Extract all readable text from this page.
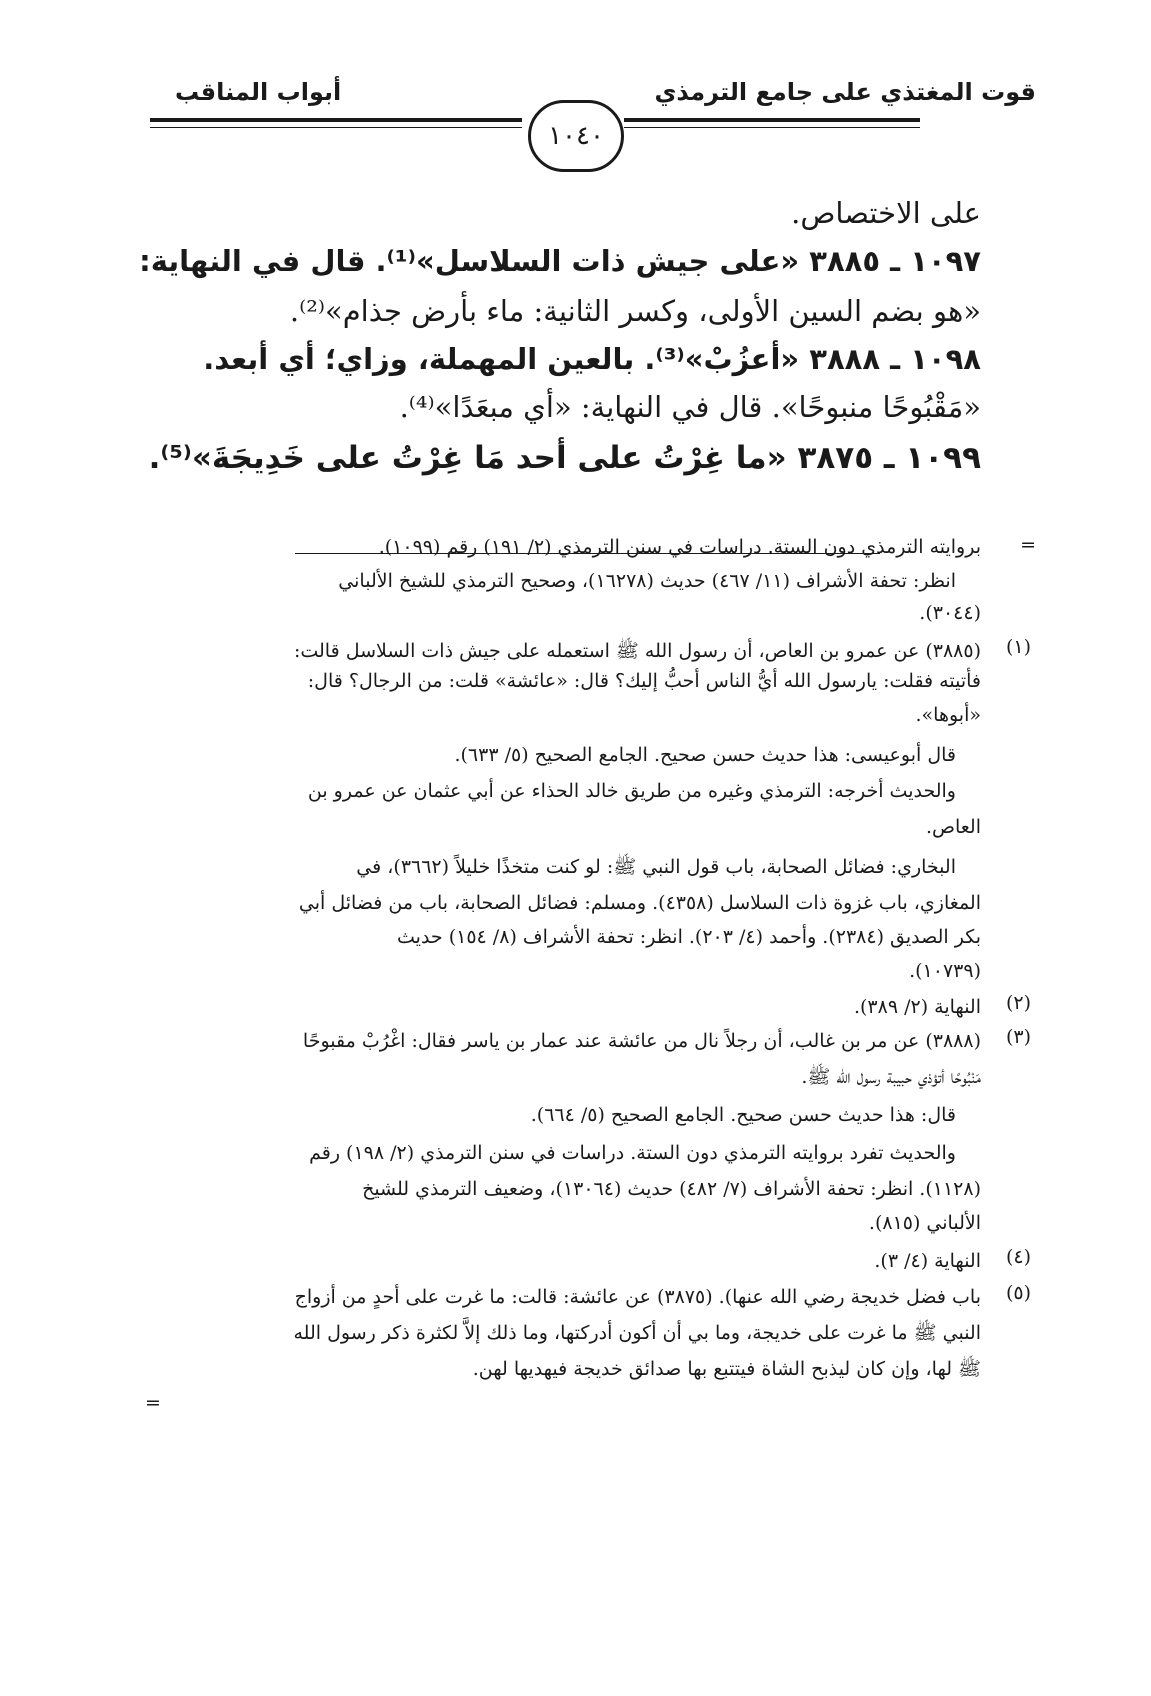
قوت المغتذي على جامع الترمذي
أبواب المناقب
١٠٤٠
على الاختصاص.
١٠٩٧ ـ ٣٨٨٥ «على جيش ذات السلاسل»⁽¹⁾. قال في النهاية:
«هو بضم السين الأولى، وكسر الثانية: ماء بأرض جذام»⁽²⁾.
١٠٩٨ ـ ٣٨٨٨ «أعزُبْ»⁽³⁾. بالعين المهملة، وزاي؛ أي أبعد.
«مَقْبُوحًا منبوحًا». قال في النهاية: «أي مبعَدًا»⁽⁴⁾.
١٠٩٩ ـ ٣٨٧٥ «ما غِرْتُ على أحد مَا غِرْتُ على خَدِيجَةَ»⁽⁵⁾.
=
بروايته الترمذي دون الستة. دراسات في سنن الترمذي (٢/ ١٩١) رقم (١٠٩٩).
انظر: تحفة الأشراف (١١/ ٤٦٧) حديث (١٦٢٧٨)، وصحيح الترمذي للشيخ الألباني
(٣٠٤٤).
(١)
(٣٨٨٥) عن عمرو بن العاص، أن رسول الله ﷺ استعمله على جيش ذات السلاسل قالت:
فأتيته فقلت: يارسول الله أيُّ الناس أحبُّ إليك؟ قال: «عائشة» قلت: من الرجال؟ قال:
«أبوها».
قال أبوعيسى: هذا حديث حسن صحيح. الجامع الصحيح (٥/ ٦٣٣).
والحديث أخرجه: الترمذي وغيره من طريق خالد الحذاء عن أبي عثمان عن عمرو بن
العاص.
البخاري: فضائل الصحابة، باب قول النبي ﷺ: لو كنت متخذًا خليلاً (٣٦٦٢)، في
المغازي، باب غزوة ذات السلاسل (٤٣٥٨). ومسلم: فضائل الصحابة، باب من فضائل أبي
بكر الصديق (٢٣٨٤). وأحمد (٤/ ٢٠٣). انظر: تحفة الأشراف (٨/ ١٥٤) حديث
(١٠٧٣٩).
(٢)
النهاية (٢/ ٣٨٩).
(٣)
(٣٨٨٨) عن مر بن غالب، أن رجلاً نال من عائشة عند عمار بن ياسر فقال: اغْرُبْ مقبوحًا
مَنْبُوحًا أتؤذي حبيبة رسول الله ﷺ.
قال: هذا حديث حسن صحيح. الجامع الصحيح (٥/ ٦٦٤).
والحديث تفرد بروايته الترمذي دون الستة. دراسات في سنن الترمذي (٢/ ١٩٨) رقم
(١١٢٨). انظر: تحفة الأشراف (٧/ ٤٨٢) حديث (١٣٠٦٤)، وضعيف الترمذي للشيخ
الألباني (٨١٥).
(٤)
النهاية (٤/ ٣).
(٥)
باب فضل خديجة رضي الله عنها). (٣٨٧٥) عن عائشة: قالت: ما غرت على أحدٍ من أزواج
النبي ﷺ ما غرت على خديجة، وما بي أن أكون أدركتها، وما ذلك إلاَّ لكثرة ذكر رسول الله
ﷺ لها، وإن كان ليذبح الشاة فيتتبع بها صدائق خديجة فيهديها لهن.
=
